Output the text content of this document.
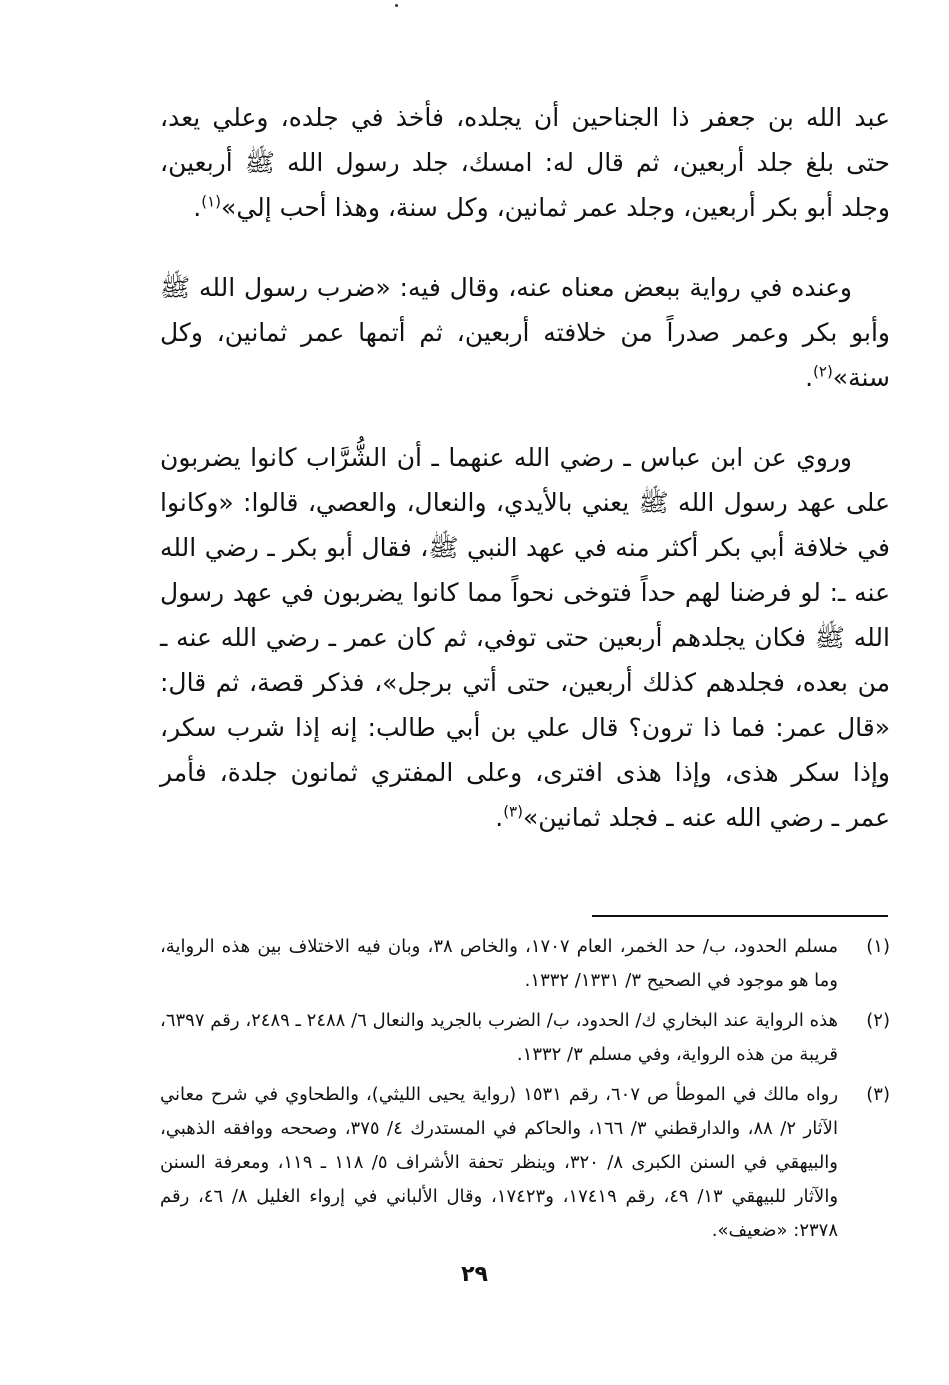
عبد الله بن جعفر ذا الجناحين أن يجلده، فأخذ في جلده، وعلي يعد، حتى بلغ جلد أربعين، ثم قال له: امسك، جلد رسول الله ﷺ أربعين، وجلد أبو بكر أربعين، وجلد عمر ثمانين، وكل سنة، وهذا أحب إلي»$^{(١)}$.

وعنده في رواية ببعض معناه عنه، وقال فيه: «ضرب رسول الله ﷺ وأبو بكر وعمر صدراً من خلافته أربعين، ثم أتمها عمر ثمانين، وكل سنة»$^{(٢)}$.

وروي عن ابن عباس ـ رضي الله عنهما ـ أن الشُّرَّاب كانوا يضربون على عهد رسول الله ﷺ يعني بالأيدي، والنعال، والعصي، قالوا: «وكانوا في خلافة أبي بكر أكثر منه في عهد النبي ﷺ، فقال أبو بكر ـ رضي الله عنه ـ: لو فرضنا لهم حداً فتوخى نحواً مما كانوا يضربون في عهد رسول الله ﷺ فكان يجلدهم أربعين حتى توفي، ثم كان عمر ـ رضي الله عنه ـ من بعده، فجلدهم كذلك أربعين، حتى أتي برجل»، فذكر قصة، ثم قال: «قال عمر: فما ذا ترون؟ قال علي بن أبي طالب: إنه إذا شرب سكر، وإذا سكر هذى، وإذا هذى افترى، وعلى المفتري ثمانون جلدة، فأمر عمر ـ رضي الله عنه ـ فجلد ثمانين»$^{(٣)}$.

(١)
مسلم الحدود، ب/ حد الخمر، العام ١٧٠٧، والخاص ٣٨، وبان فيه الاختلاف بين هذه الرواية، وما هو موجود في الصحيح ٣/ ١٣٣١/ ١٣٣٢.
(٢)
هذه الرواية عند البخاري ك/ الحدود، ب/ الضرب بالجريد والنعال ٦/ ٢٤٨٨ ـ ٢٤٨٩، رقم ٦٣٩٧، قريبة من هذه الرواية، وفي مسلم ٣/ ١٣٣٢.
(٣)
رواه مالك في الموطأ ص ٦٠٧، رقم ١٥٣١ (رواية يحيى الليثي)، والطحاوي في شرح معاني الآثار ٢/ ٨٨، والدارقطني ٣/ ١٦٦، والحاكم في المستدرك ٤/ ٣٧٥، وصححه ووافقه الذهبي، والبيهقي في السنن الكبرى ٨/ ٣٢٠، وينظر تحفة الأشراف ٥/ ١١٨ ـ ١١٩، ومعرفة السنن والآثار للبيهقي ١٣/ ٤٩، رقم ١٧٤١٩، و١٧٤٢٣، وقال الألباني في إرواء الغليل ٨/ ٤٦، رقم ٢٣٧٨: «ضعيف».
٢٩
